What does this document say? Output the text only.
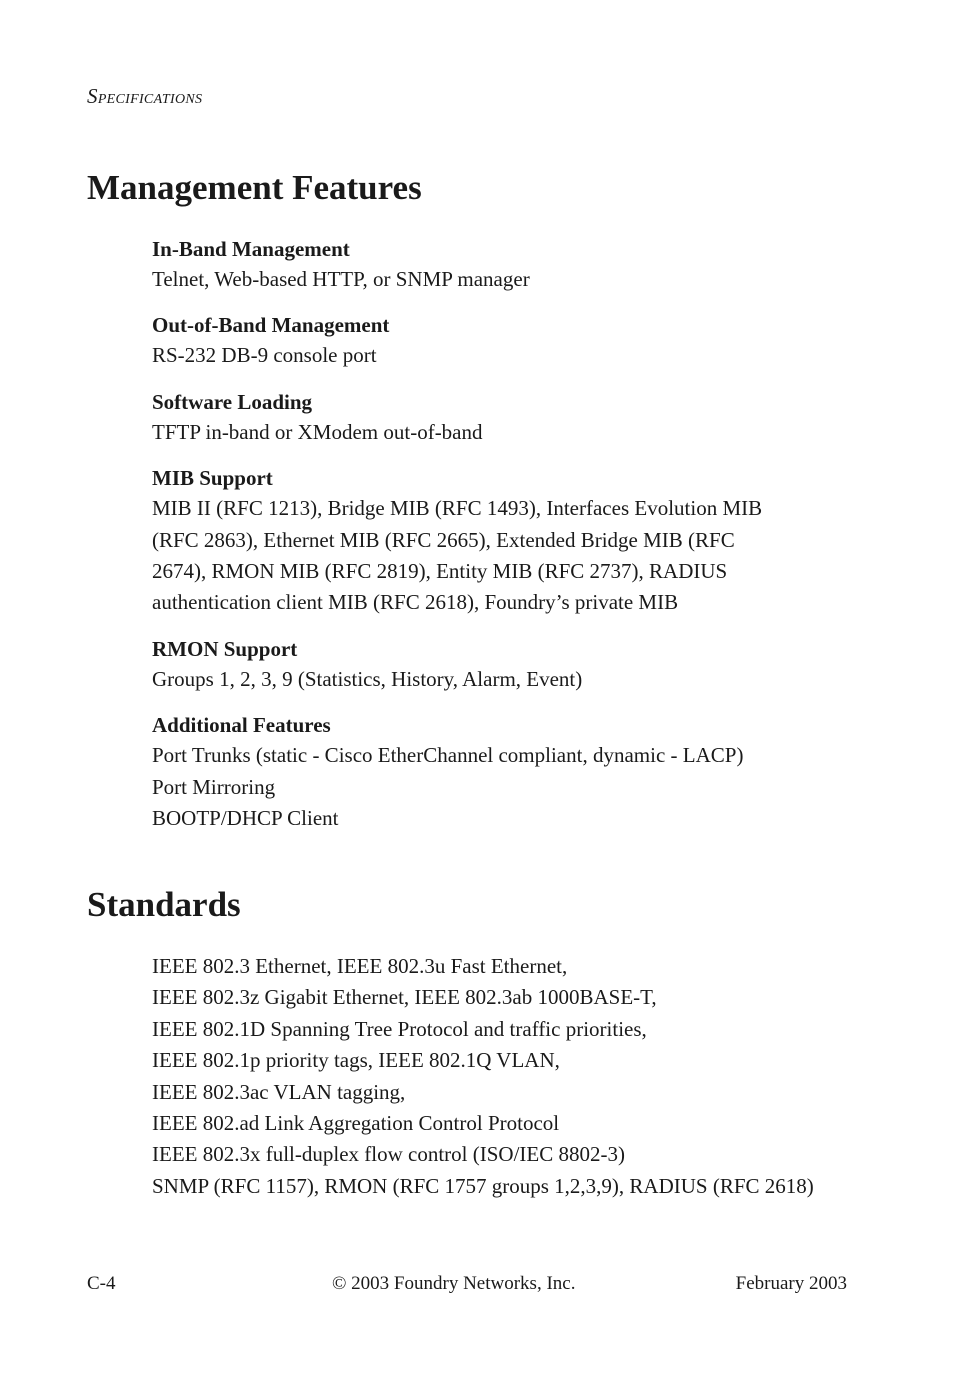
SPECIFICATIONS
Management Features
In-Band Management
Telnet, Web-based HTTP, or SNMP manager
Out-of-Band Management
RS-232 DB-9 console port
Software Loading
TFTP in-band or XModem out-of-band
MIB Support
MIB II (RFC 1213), Bridge MIB (RFC 1493), Interfaces Evolution MIB
(RFC 2863), Ethernet MIB (RFC 2665), Extended Bridge MIB (RFC
2674), RMON MIB (RFC 2819), Entity MIB (RFC 2737), RADIUS
authentication client MIB (RFC 2618), Foundry’s private MIB
RMON Support
Groups 1, 2, 3, 9 (Statistics, History, Alarm, Event)
Additional Features
Port Trunks (static - Cisco EtherChannel compliant, dynamic - LACP)
Port Mirroring
BOOTP/DHCP Client
Standards
IEEE 802.3 Ethernet, IEEE 802.3u Fast Ethernet,
IEEE 802.3z Gigabit Ethernet, IEEE 802.3ab 1000BASE-T,
IEEE 802.1D Spanning Tree Protocol and traffic priorities,
IEEE 802.1p priority tags, IEEE 802.1Q VLAN,
IEEE 802.3ac VLAN tagging,
IEEE 802.ad Link Aggregation Control Protocol
IEEE 802.3x full-duplex flow control (ISO/IEC 8802-3)
SNMP (RFC 1157), RMON (RFC 1757 groups 1,2,3,9), RADIUS (RFC 2618)
C-4	© 2003 Foundry Networks, Inc.	February 2003
